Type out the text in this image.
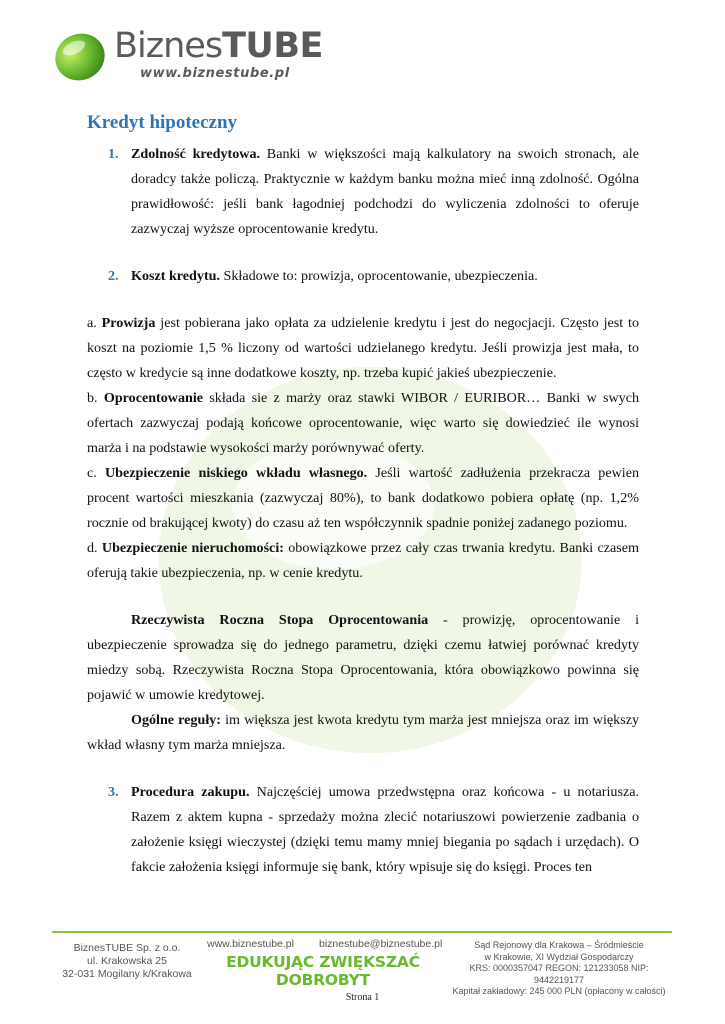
BiznesTUBE
www.biznestube.pl
Kredyt hipoteczny
1. Zdolność kredytowa. Banki w większości mają kalkulatory na swoich stronach, ale doradcy także policzą. Praktycznie w każdym banku można mieć inną zdolność. Ogólna prawidłowość: jeśli bank łagodniej podchodzi do wyliczenia zdolności to oferuje zazwyczaj wyższe oprocentowanie kredytu.

2. Koszt kredytu. Składowe to: prowizja, oprocentowanie, ubezpieczenia.

a. Prowizja jest pobierana jako opłata za udzielenie kredytu i jest do negocjacji. Często jest to koszt na poziomie 1,5 % liczony od wartości udzielanego kredytu. Jeśli prowizja jest mała, to często w kredycie są inne dodatkowe koszty, np. trzeba kupić jakieś ubezpieczenie.

b. Oprocentowanie składa sie z marży oraz stawki WIBOR / EURIBOR… Banki w swych ofertach zazwyczaj podają końcowe oprocentowanie, więc warto się dowiedzieć ile wynosi marża i na podstawie wysokości marży porównywać oferty.

c. Ubezpieczenie niskiego wkładu własnego. Jeśli wartość zadłużenia przekracza pewien procent wartości mieszkania (zazwyczaj 80%), to bank dodatkowo pobiera opłatę (np. 1,2% rocznie od brakującej kwoty) do czasu aż ten współczynnik spadnie poniżej zadanego poziomu.

d. Ubezpieczenie nieruchomości: obowiązkowe przez cały czas trwania kredytu. Banki czasem oferują takie ubezpieczenia, np. w cenie kredytu.

Rzeczywista Roczna Stopa Oprocentowania - prowizję, oprocentowanie i ubezpieczenie sprowadza się do jednego parametru, dzięki czemu łatwiej porównać kredyty miedzy sobą. Rzeczywista Roczna Stopa Oprocentowania, która obowiązkowo powinna się pojawić w umowie kredytowej.

Ogólne reguły: im większa jest kwota kredytu tym marża jest mniejsza oraz im większy wkład własny tym marża mniejsza.

3. Procedura zakupu. Najczęściej umowa przedwstępna oraz końcowa - u notariusza. Razem z aktem kupna - sprzedaży można zlecić notariuszowi powierzenie zadbania o założenie księgi wieczystej (dzięki temu mamy mniej biegania po sądach i urzędach). O fakcie założenia księgi informuje się bank, który wpisuje się do księgi. Proces ten

BiznesTUBE Sp. z o.o.
ul. Krakowska 25
32-031 Mogilany k/Krakowa
www.biznestube.pl biznestube@biznestube.pl
EDUKUJĄC ZWIĘKSZAĆ DOBROBYT
Sąd Rejonowy dla Krakowa – Śródmieście
w Krakowie, XI Wydział Gospodarczy
KRS: 0000357047 REGON: 121233058 NIP: 9442219177
Kapitał zakładowy: 245 000 PLN (opłacony w całości)
Strona 1
